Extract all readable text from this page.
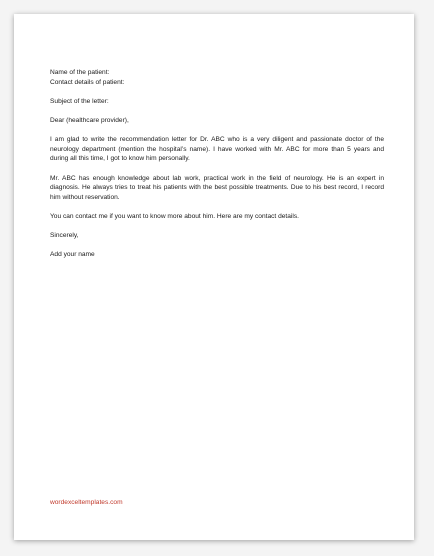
Name of the patient:
Contact details of patient:
Subject of the letter:
Dear (healthcare provider),

I am glad to write the recommendation letter for Dr. ABC who is a very diligent and passionate doctor of the neurology department (mention the hospital’s name). I have worked with Mr. ABC for more than 5 years and during all this time, I got to know him personally.

Mr. ABC has enough knowledge about lab work, practical work in the field of neurology. He is an expert in diagnosis. He always tries to treat his patients with the best possible treatments. Due to his best record, I record him without reservation.

You can contact me if you want to know more about him. Here are my contact details.

Sincerely,
Add your name
wordexceltemplates.com
